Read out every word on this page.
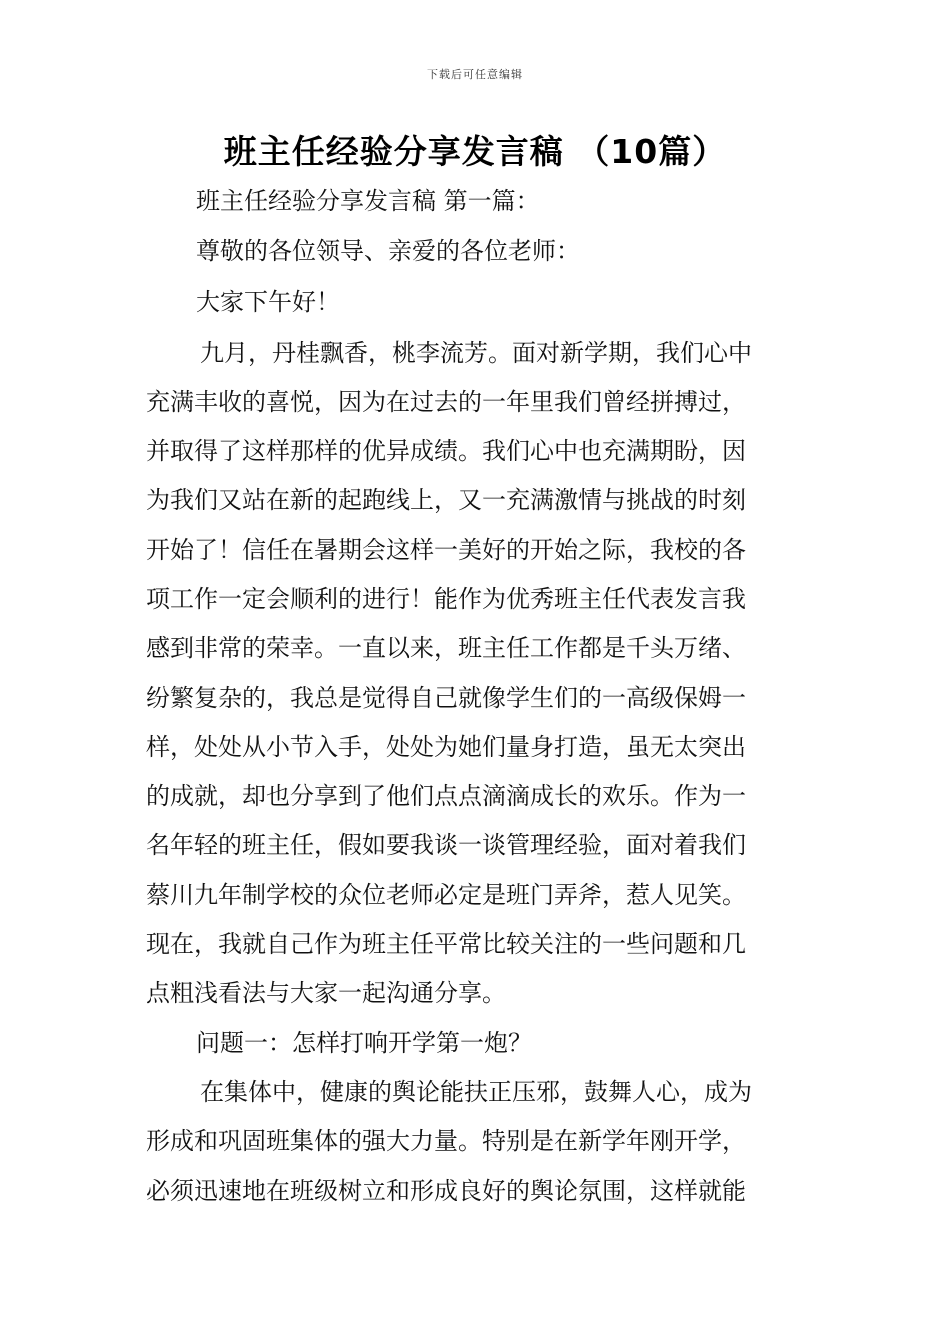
下载后可任意编辑
班主任经验分享发言稿 （10篇）
班主任经验分享发言稿 第一篇：
尊敬的各位领导、亲爱的各位老师：
大家下午好！
九月，丹桂飘香，桃李流芳。面对新学期，我们心中
充满丰收的喜悦，因为在过去的一年里我们曾经拼搏过，
并取得了这样那样的优异成绩。我们心中也充满期盼，因
为我们又站在新的起跑线上，又一充满激情与挑战的时刻
开始了！信任在暑期会这样一美好的开始之际，我校的各
项工作一定会顺利的进行！能作为优秀班主任代表发言我
感到非常的荣幸。一直以来，班主任工作都是千头万绪、
纷繁复杂的，我总是觉得自己就像学生们的一高级保姆一
样，处处从小节入手，处处为她们量身打造，虽无太突出
的成就，却也分享到了他们点点滴滴成长的欢乐。作为一
名年轻的班主任，假如要我谈一谈管理经验，面对着我们
蔡川九年制学校的众位老师必定是班门弄斧，惹人见笑。
现在，我就自己作为班主任平常比较关注的一些问题和几
点粗浅看法与大家一起沟通分享。
问题一：怎样打响开学第一炮？
在集体中，健康的舆论能扶正压邪，鼓舞人心，成为
形成和巩固班集体的强大力量。特别是在新学年刚开学，
必须迅速地在班级树立和形成良好的舆论氛围，这样就能
